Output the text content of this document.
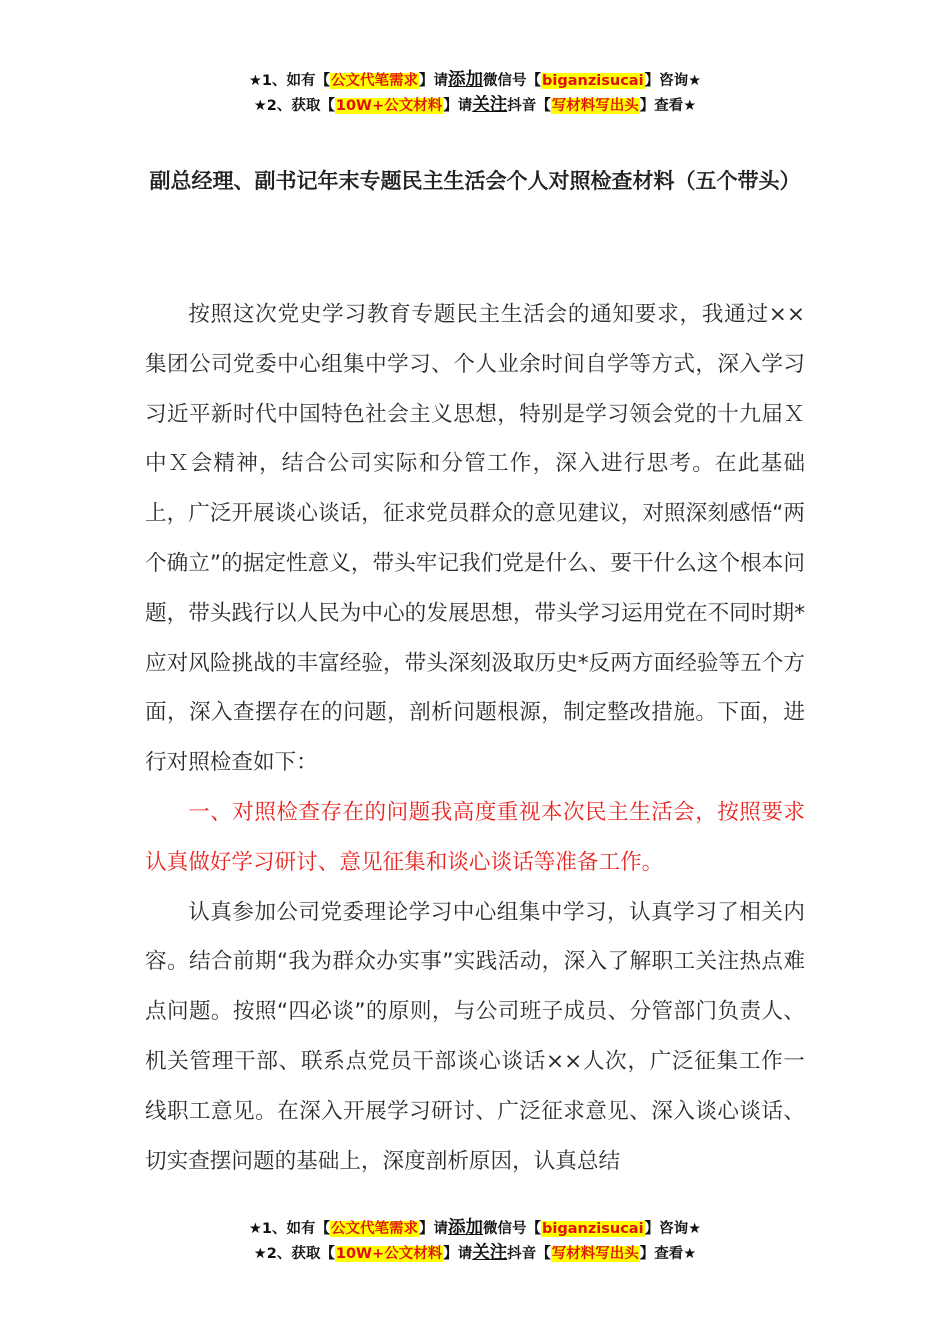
★1、如有【公文代笔需求】请添加微信号【biganzisucai】咨询★
★2、获取【10W+公文材料】请关注抖音【写材料写出头】查看★
副总经理、副书记年末专题民主生活会个人对照检查材料（五个带头）

按照这次党史学习教育专题民主生活会的通知要求，我通过××集团公司党委中心组集中学习、个人业余时间自学等方式，深入学习习近平新时代中国特色社会主义思想，特别是学习领会党的十九届Ｘ中Ｘ会精神，结合公司实际和分管工作，深入进行思考。在此基础上，广泛开展谈心谈话，征求党员群众的意见建议，对照深刻感悟“两个确立”的据定性意义，带头牢记我们党是什么、要干什么这个根本问题，带头践行以人民为中心的发展思想，带头学习运用党在不同时期*应对风险挑战的丰富经验，带头深刻汲取历史*反两方面经验等五个方面，深入查摆存在的问题，剖析问题根源，制定整改措施。下面，进行对照检查如下：

一、对照检查存在的问题我高度重视本次民主生活会，按照要求认真做好学习研讨、意见征集和谈心谈话等准备工作。

认真参加公司党委理论学习中心组集中学习，认真学习了相关内容。结合前期“我为群众办实事”实践活动，深入了解职工关注热点难点问题。按照“四必谈”的原则，与公司班子成员、分管部门负责人、机关管理干部、联系点党员干部谈心谈话××人次，广泛征集工作一线职工意见。在深入开展学习研讨、广泛征求意见、深入谈心谈话、切实查摆问题的基础上，深度剖析原因，认真总结

★1、如有【公文代笔需求】请添加微信号【biganzisucai】咨询★
★2、获取【10W+公文材料】请关注抖音【写材料写出头】查看★
